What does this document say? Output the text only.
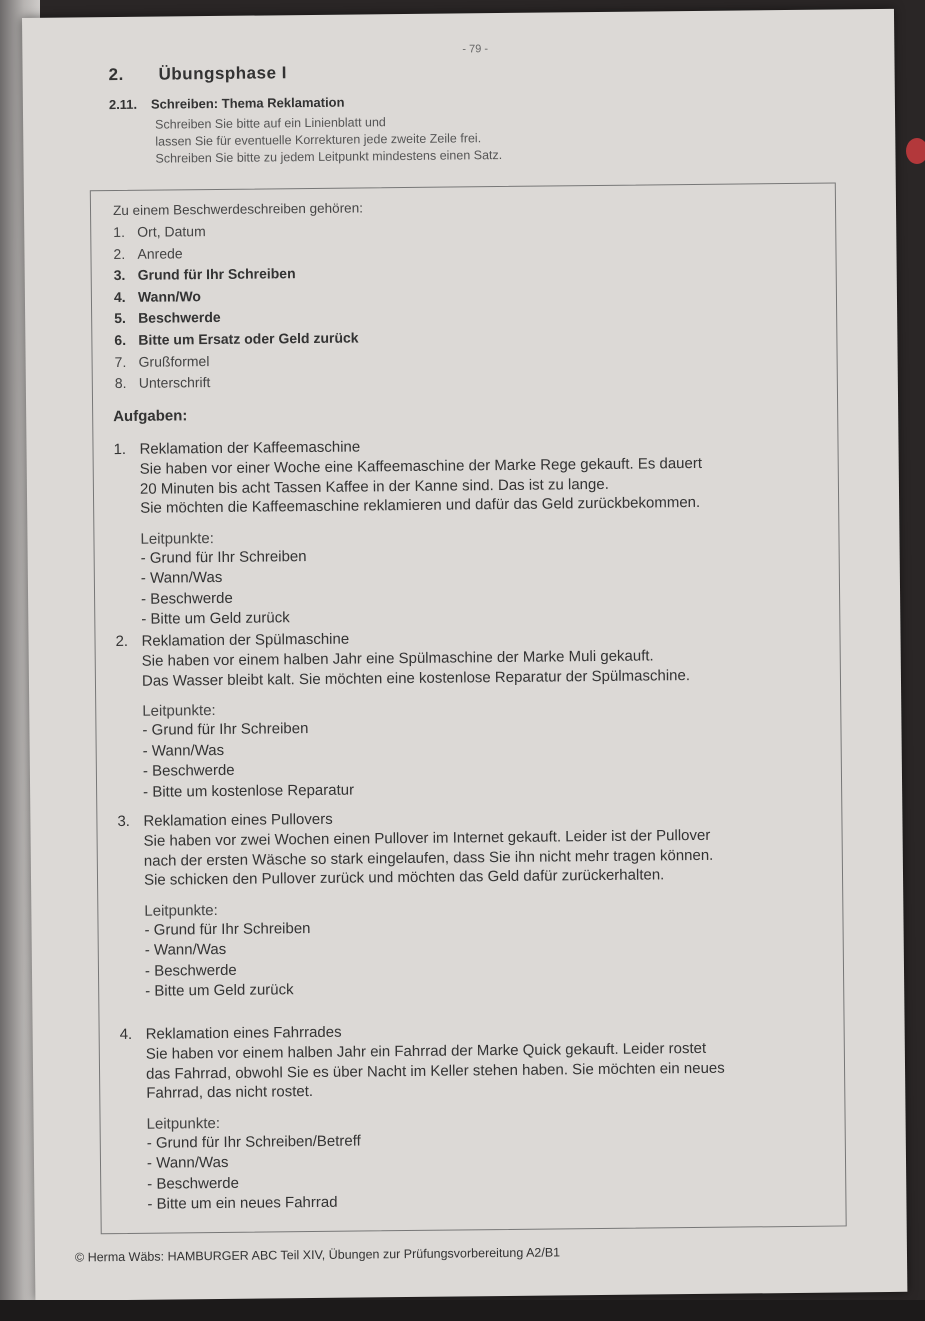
- 79 -
2. Übungsphase I
2.11. Schreiben: Thema Reklamation
Schreiben Sie bitte auf ein Linienblatt und
lassen Sie für eventuelle Korrekturen jede zweite Zeile frei.
Schreiben Sie bitte zu jedem Leitpunkt mindestens einen Satz.
Zu einem Beschwerdeschreiben gehören:
1. Ort, Datum
2. Anrede
3. Grund für Ihr Schreiben
4. Wann/Wo
5. Beschwerde
6. Bitte um Ersatz oder Geld zurück
7. Grußformel
8. Unterschrift
Aufgaben:
1. Reklamation der Kaffeemaschine
Sie haben vor einer Woche eine Kaffeemaschine der Marke Rege gekauft. Es dauert
20 Minuten bis acht Tassen Kaffee in der Kanne sind. Das ist zu lange.
Sie möchten die Kaffeemaschine reklamieren und dafür das Geld zurückbekommen.
Leitpunkte:
- Grund für Ihr Schreiben
- Wann/Was
- Beschwerde
- Bitte um Geld zurück
2. Reklamation der Spülmaschine
Sie haben vor einem halben Jahr eine Spülmaschine der Marke Muli gekauft.
Das Wasser bleibt kalt. Sie möchten eine kostenlose Reparatur der Spülmaschine.
Leitpunkte:
- Grund für Ihr Schreiben
- Wann/Was
- Beschwerde
- Bitte um kostenlose Reparatur
3. Reklamation eines Pullovers
Sie haben vor zwei Wochen einen Pullover im Internet gekauft. Leider ist der Pullover
nach der ersten Wäsche so stark eingelaufen, dass Sie ihn nicht mehr tragen können.
Sie schicken den Pullover zurück und möchten das Geld dafür zurückerhalten.
Leitpunkte:
- Grund für Ihr Schreiben
- Wann/Was
- Beschwerde
- Bitte um Geld zurück
4. Reklamation eines Fahrrades
Sie haben vor einem halben Jahr ein Fahrrad der Marke Quick gekauft. Leider rostet
das Fahrrad, obwohl Sie es über Nacht im Keller stehen haben. Sie möchten ein neues
Fahrrad, das nicht rostet.
Leitpunkte:
- Grund für Ihr Schreiben/Betreff
- Wann/Was
- Beschwerde
- Bitte um ein neues Fahrrad
© Herma Wäbs: HAMBURGER ABC Teil XIV, Übungen zur Prüfungsvorbereitung A2/B1
